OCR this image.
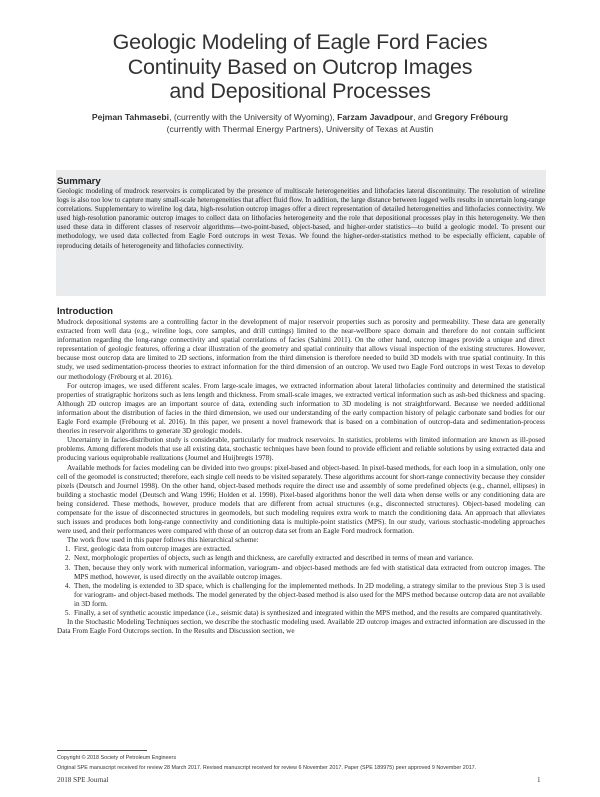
Geologic Modeling of Eagle Ford Facies
Continuity Based on Outcrop Images
and Depositional Processes
Pejman Tahmasebi, (currently with the University of Wyoming), Farzam Javadpour, and Gregory Frébourg
(currently with Thermal Energy Partners), University of Texas at Austin
Summary

Geologic modeling of mudrock reservoirs is complicated by the presence of multiscale heterogeneities and lithofacies lateral discontinuity. The resolution of wireline logs is also too low to capture many small-scale heterogeneities that affect fluid flow. In addition, the large distance between logged wells results in uncertain long-range correlations. Supplementary to wireline log data, high-resolution outcrop images offer a direct representation of detailed heterogeneities and lithofacies connectivity. We used high-resolution panoramic outcrop images to collect data on lithofacies heterogeneity and the role that depositional processes play in this heterogeneity. We then used these data in different classes of reservoir algorithms—two-point-based, object-based, and higher-order statistics—to build a geologic model. To present our methodology, we used data collected from Eagle Ford outcrops in west Texas. We found the higher-order-statistics method to be especially efficient, capable of reproducing details of heterogeneity and lithofacies connectivity.

Introduction

Mudrock depositional systems are a controlling factor in the development of major reservoir properties such as porosity and permeability. These data are generally extracted from well data (e.g., wireline logs, core samples, and drill cuttings) limited to the near-wellbore space domain and therefore do not contain sufficient information regarding the long-range connectivity and spatial correlations of facies (Sahimi 2011). On the other hand, outcrop images provide a unique and direct representation of geologic features, offering a clear illustration of the geometry and spatial continuity that allows visual inspection of the existing structures. However, because most outcrop data are limited to 2D sections, information from the third dimension is therefore needed to build 3D models with true spatial continuity. In this study, we used sedimentation-process theories to extract information for the third dimension of an outcrop. We used two Eagle Ford outcrops in west Texas to develop our methodology (Frébourg et al. 2016).

For outcrop images, we used different scales. From large-scale images, we extracted information about lateral lithofacies continuity and determined the statistical properties of stratigraphic horizons such as lens length and thickness. From small-scale images, we extracted vertical information such as ash-bed thickness and spacing. Although 2D outcrop images are an important source of data, extending such information to 3D modeling is not straightforward. Because we needed additional information about the distribution of facies in the third dimension, we used our understanding of the early compaction history of pelagic carbonate sand bodies for our Eagle Ford example (Frébourg et al. 2016). In this paper, we present a novel framework that is based on a combination of outcrop-data and sedimentation-process theories in reservoir algorithms to generate 3D geologic models.

Uncertainty in facies-distribution study is considerable, particularly for mudrock reservoirs. In statistics, problems with limited information are known as ill-posed problems. Among different models that use all existing data, stochastic techniques have been found to provide efficient and reliable solutions by using extracted data and producing various equiprobable realizations (Journel and Huijbregts 1978).

Available methods for facies modeling can be divided into two groups: pixel-based and object-based. In pixel-based methods, for each loop in a simulation, only one cell of the geomodel is constructed; therefore, each single cell needs to be visited separately. These algorithms account for short-range connectivity because they consider pixels (Deutsch and Journel 1998). On the other hand, object-based methods require the direct use and assembly of some predefined objects (e.g., channel, ellipses) in building a stochastic model (Deutsch and Wang 1996; Holden et al. 1998). Pixel-based algorithms honor the well data when dense wells or any conditioning data are being considered. These methods, however, produce models that are different from actual structures (e.g., disconnected structures). Object-based modeling can compensate for the issue of disconnected structures in geomodels, but such modeling requires extra work to match the conditioning data. An approach that alleviates such issues and produces both long-range connectivity and conditioning data is multiple-point statistics (MPS). In our study, various stochastic-modeling approaches were used, and their performances were compared with those of an outcrop data set from an Eagle Ford mudrock formation.

The work flow used in this paper follows this hierarchical scheme:

1. First, geologic data from outcrop images are extracted.
2. Next, morphologic properties of objects, such as length and thickness, are carefully extracted and described in terms of mean and variance.
3. Then, because they only work with numerical information, variogram- and object-based methods are fed with statistical data extracted from outcrop images. The MPS method, however, is used directly on the available outcrop images.
4. Then, the modeling is extended to 3D space, which is challenging for the implemented methods. In 2D modeling, a strategy similar to the previous Step 3 is used for variogram- and object-based methods. The model generated by the object-based method is also used for the MPS method because outcrop data are not available in 3D form.
5. Finally, a set of synthetic acoustic impedance (i.e., seismic data) is synthesized and integrated within the MPS method, and the results are compared quantitatively.

In the Stochastic Modeling Techniques section, we describe the stochastic modeling used. Available 2D outcrop images and extracted information are discussed in the Data From Eagle Ford Outcrops section. In the Results and Discussion section, we

Copyright © 2018 Society of Petroleum Engineers
Original SPE manuscript received for review 28 March 2017. Revised manuscript received for review 6 November 2017. Paper (SPE 189975) peer approved 9 November 2017.
2018 SPE Journal	1
